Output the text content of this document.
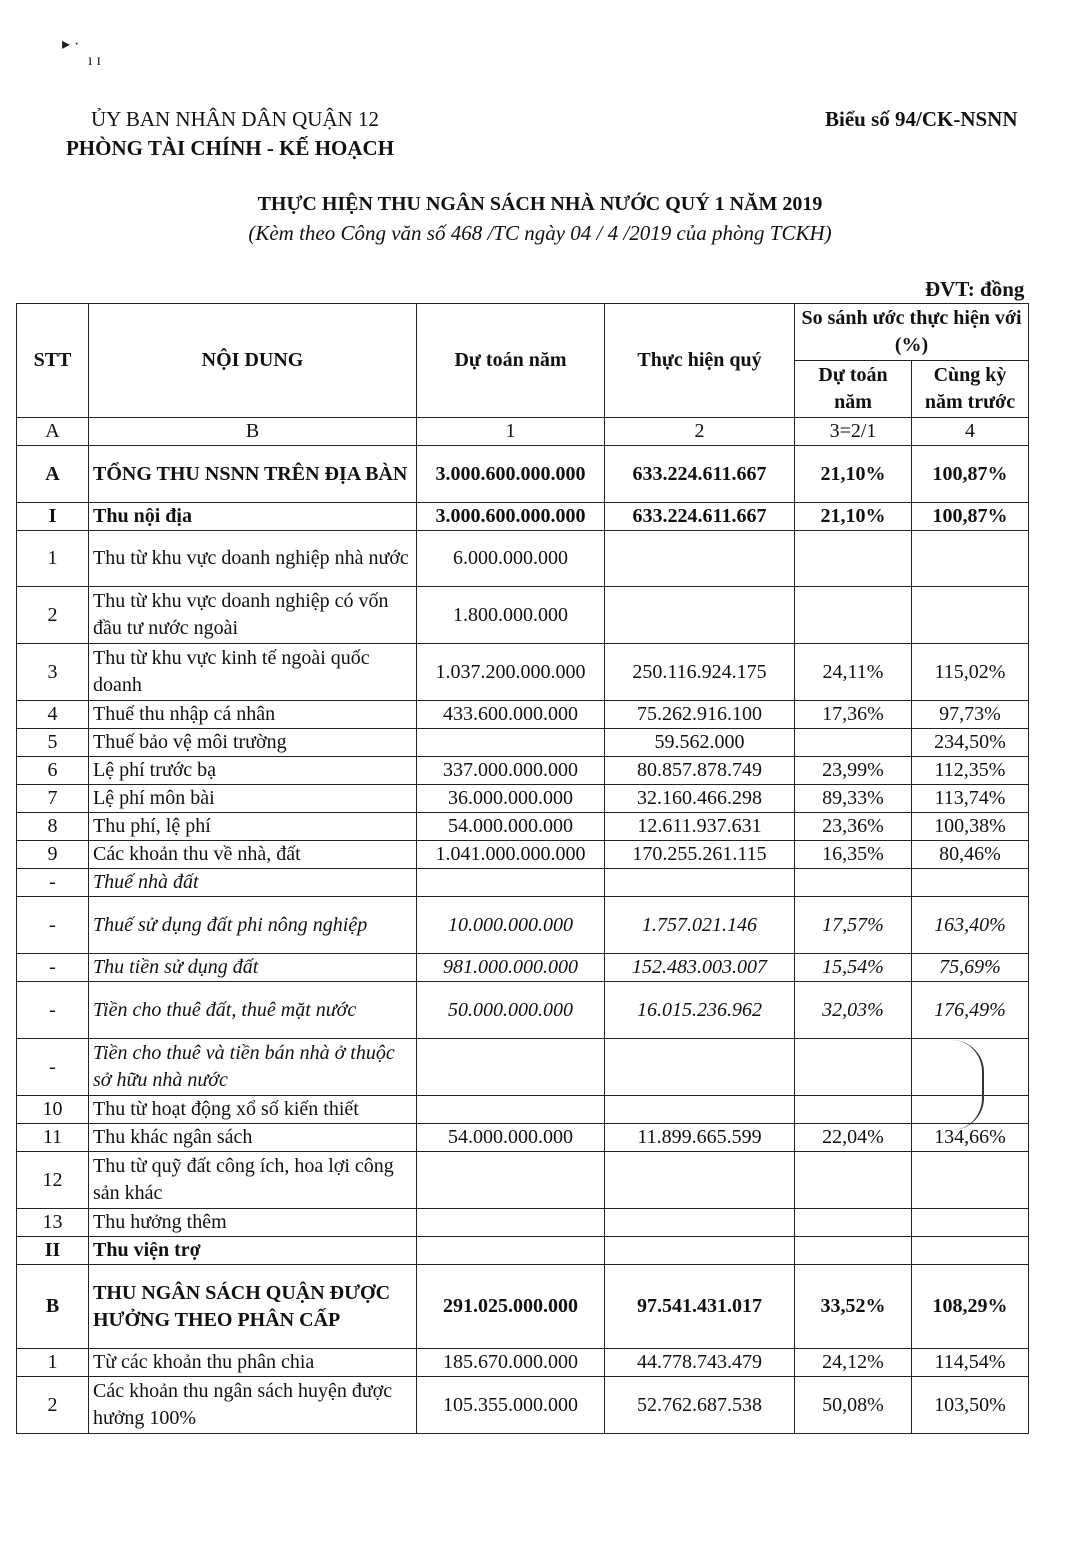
▸ ·
ı ɪ
ỦY BAN NHÂN DÂN QUẬN 12
PHÒNG TÀI CHÍNH - KẾ HOẠCH
Biểu số 94/CK-NSNN
THỰC HIỆN THU NGÂN SÁCH NHÀ NƯỚC QUÝ 1 NĂM 2019
(Kèm theo Công văn số 468 /TC ngày 04 / 4 /2019 của phòng TCKH)
ĐVT: đồng
STT	NỘI DUNG	Dự toán năm	Thực hiện quý	So sánh ước thực hiện với (%)	
				Dự toán năm	Cùng kỳ năm trước
A	B	1	2	3=2/1	4
A	TỔNG THU NSNN TRÊN ĐỊA BÀN	3.000.600.000.000	633.224.611.667	21,10%	100,87%
I	Thu nội địa	3.000.600.000.000	633.224.611.667	21,10%	100,87%
1	Thu từ khu vực doanh nghiệp nhà nước	6.000.000.000			
2	Thu từ khu vực doanh nghiệp có vốn đầu tư nước ngoài	1.800.000.000			
3	Thu từ khu vực kinh tế ngoài quốc doanh	1.037.200.000.000	250.116.924.175	24,11%	115,02%
4	Thuế thu nhập cá nhân	433.600.000.000	75.262.916.100	17,36%	97,73%
5	Thuế bảo vệ môi trường		59.562.000		234,50%
6	Lệ phí trước bạ	337.000.000.000	80.857.878.749	23,99%	112,35%
7	Lệ phí môn bài	36.000.000.000	32.160.466.298	89,33%	113,74%
8	Thu phí, lệ phí	54.000.000.000	12.611.937.631	23,36%	100,38%
9	Các khoản thu về nhà, đất	1.041.000.000.000	170.255.261.115	16,35%	80,46%
-	Thuế nhà đất				
-	Thuế sử dụng đất phi nông nghiệp	10.000.000.000	1.757.021.146	17,57%	163,40%
-	Thu tiền sử dụng đất	981.000.000.000	152.483.003.007	15,54%	75,69%
-	Tiền cho thuê đất, thuê mặt nước	50.000.000.000	16.015.236.962	32,03%	176,49%
-	Tiền cho thuê và tiền bán nhà ở thuộc sở hữu nhà nước				
10	Thu từ hoạt động xổ số kiến thiết				
11	Thu khác ngân sách	54.000.000.000	11.899.665.599	22,04%	134,66%
12	Thu từ quỹ đất công ích, hoa lợi công sản khác				
13	Thu hưởng thêm				
II	Thu viện trợ				
B	THU NGÂN SÁCH QUẬN ĐƯỢC HƯỞNG THEO PHÂN CẤP	291.025.000.000	97.541.431.017	33,52%	108,29%
1	Từ các khoản thu phân chia	185.670.000.000	44.778.743.479	24,12%	114,54%
2	Các khoản thu ngân sách huyện được hưởng 100%	105.355.000.000	52.762.687.538	50,08%	103,50%
